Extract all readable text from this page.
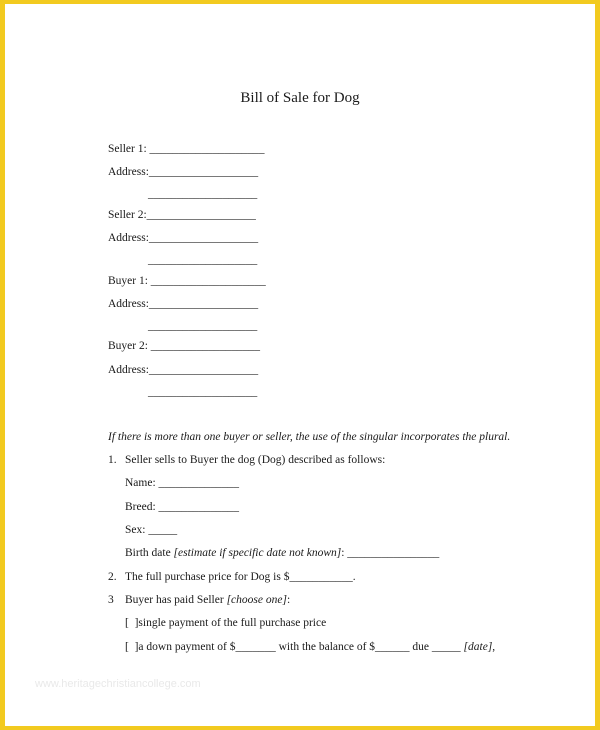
Bill of Sale for Dog
Seller 1: ____________________
Address:___________________
___________________
Seller 2:___________________
Address:___________________
___________________
Buyer 1: ____________________
Address:___________________
___________________
Buyer 2: ___________________
Address:___________________
___________________
If there is more than one buyer or seller, the use of the singular incorporates the plural.
1. Seller sells to Buyer the dog (Dog) described as follows:
Name: ______________
Breed: ______________
Sex: _____
Birth date [estimate if specific date not known]: ________________
2. The full purchase price for Dog is $___________.
3 Buyer has paid Seller [choose one]:
[  ]single payment of the full purchase price
[  ]a down payment of $_______ with the balance of $______ due _____ [date],
www.heritagechristiancollege.com
